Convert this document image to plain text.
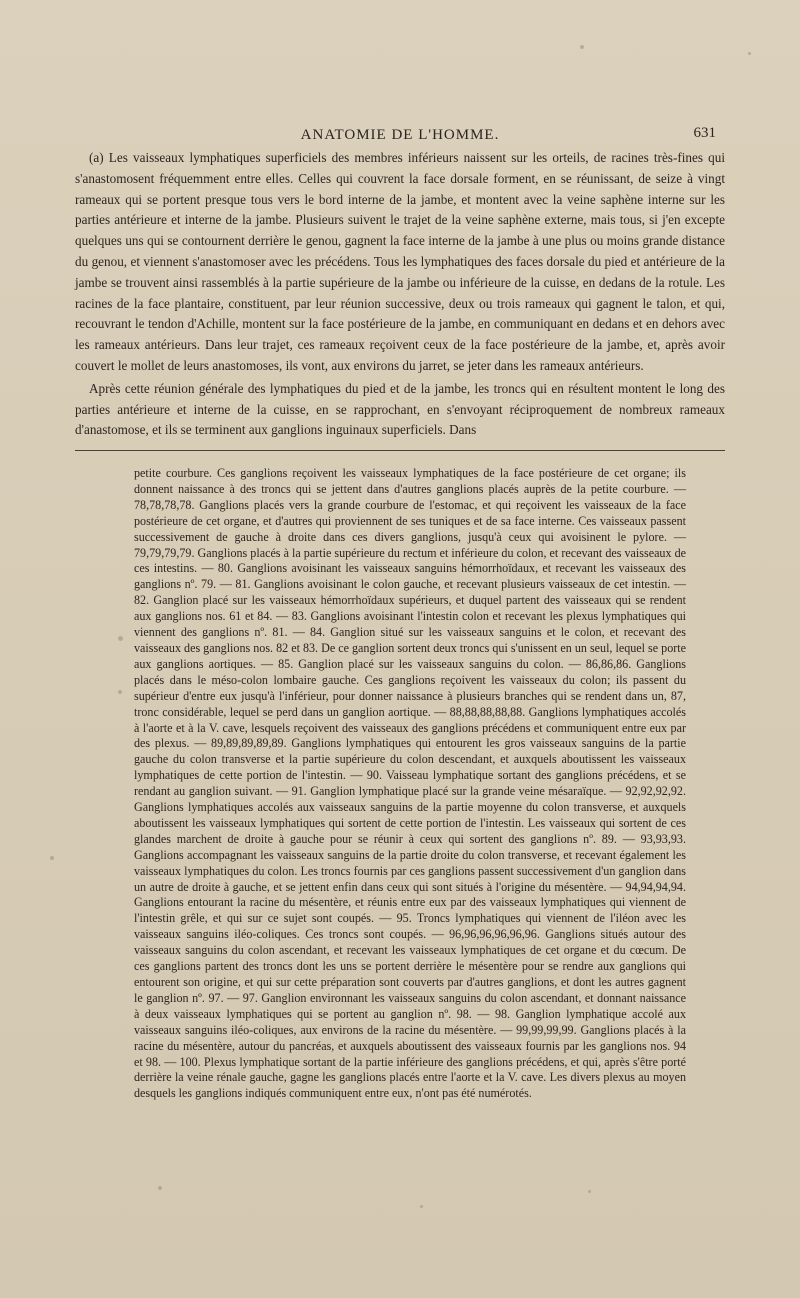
ANATOMIE DE L'HOMME.	631

(a) Les vaisseaux lymphatiques superficiels des membres inférieurs naissent sur les orteils, de racines très-fines qui s'anastomosent fréquemment entre elles. Celles qui couvrent la face dorsale forment, en se réunissant, de seize à vingt rameaux qui se portent presque tous vers le bord interne de la jambe, et montent avec la veine saphène interne sur les parties antérieure et interne de la jambe. Plusieurs suivent le trajet de la veine saphène externe, mais tous, si j'en excepte quelques uns qui se contournent derrière le genou, gagnent la face interne de la jambe à une plus ou moins grande distance du genou, et viennent s'anastomoser avec les précédens. Tous les lymphatiques des faces dorsale du pied et antérieure de la jambe se trouvent ainsi rassemblés à la partie supérieure de la jambe ou inférieure de la cuisse, en dedans de la rotule. Les racines de la face plantaire, constituent, par leur réunion successive, deux ou trois rameaux qui gagnent le talon, et qui, recouvrant le tendon d'Achille, montent sur la face postérieure de la jambe, en communiquant en dedans et en dehors avec les rameaux antérieurs. Dans leur trajet, ces rameaux reçoivent ceux de la face postérieure de la jambe, et, après avoir couvert le mollet de leurs anastomoses, ils vont, aux environs du jarret, se jeter dans les rameaux antérieurs.

Après cette réunion générale des lymphatiques du pied et de la jambe, les troncs qui en résultent montent le long des parties antérieure et interne de la cuisse, en se rapprochant, en s'envoyant réciproquement de nombreux rameaux d'anastomose, et ils se terminent aux ganglions inguinaux superficiels. Dans

petite courbure. Ces ganglions reçoivent les vaisseaux lymphatiques de la face postérieure de cet organe; ils donnent naissance à des troncs qui se jettent dans d'autres ganglions placés auprès de la petite courbure. — 78,78,78,78. Ganglions placés vers la grande courbure de l'estomac, et qui reçoivent les vaisseaux de la face postérieure de cet organe, et d'autres qui proviennent de ses tuniques et de sa face interne. Ces vaisseaux passent successivement de gauche à droite dans ces divers ganglions, jusqu'à ceux qui avoisinent le pylore. — 79,79,79,79. Ganglions placés à la partie supérieure du rectum et inférieure du colon, et recevant des vaisseaux de ces intestins. — 80. Ganglions avoisinant les vaisseaux sanguins hémorrhoïdaux, et recevant les vaisseaux des ganglions nº. 79. — 81. Ganglions avoisinant le colon gauche, et recevant plusieurs vaisseaux de cet intestin. — 82. Ganglion placé sur les vaisseaux hémorrhoïdaux supérieurs, et duquel partent des vaisseaux qui se rendent aux ganglions nos. 61 et 84. — 83. Ganglions avoisinant l'intestin colon et recevant les plexus lymphatiques qui viennent des ganglions nº. 81. — 84. Ganglion situé sur les vaisseaux sanguins et le colon, et recevant des vaisseaux des ganglions nos. 82 et 83. De ce ganglion sortent deux troncs qui s'unissent en un seul, lequel se porte aux ganglions aortiques. — 85. Ganglion placé sur les vaisseaux sanguins du colon. — 86,86,86. Ganglions placés dans le méso-colon lombaire gauche. Ces ganglions reçoivent les vaisseaux du colon; ils passent du supérieur d'entre eux jusqu'à l'inférieur, pour donner naissance à plusieurs branches qui se rendent dans un, 87, tronc considérable, lequel se perd dans un ganglion aortique. — 88,88,88,88,88. Ganglions lymphatiques accolés à l'aorte et à la V. cave, lesquels reçoivent des vaisseaux des ganglions précédens et communiquent entre eux par des plexus. — 89,89,89,89,89. Ganglions lymphatiques qui entourent les gros vaisseaux sanguins de la partie gauche du colon transverse et la partie supérieure du colon descendant, et auxquels aboutissent les vaisseaux lymphatiques de cette portion de l'intestin. — 90. Vaisseau lymphatique sortant des ganglions précédens, et se rendant au ganglion suivant. — 91. Ganglion lymphatique placé sur la grande veine mésaraïque. — 92,92,92,92. Ganglions lymphatiques accolés aux vaisseaux sanguins de la partie moyenne du colon transverse, et auxquels aboutissent les vaisseaux lymphatiques qui sortent de cette portion de l'intestin. Les vaisseaux qui sortent de ces glandes marchent de droite à gauche pour se réunir à ceux qui sortent des ganglions nº. 89. — 93,93,93. Ganglions accompagnant les vaisseaux sanguins de la partie droite du colon transverse, et recevant également les vaisseaux lymphatiques du colon. Les troncs fournis par ces ganglions passent successivement d'un ganglion dans un autre de droite à gauche, et se jettent enfin dans ceux qui sont situés à l'origine du mésentère. — 94,94,94,94. Ganglions entourant la racine du mésentère, et réunis entre eux par des vaisseaux lymphatiques qui viennent de l'intestin grêle, et qui sur ce sujet sont coupés. — 95. Troncs lymphatiques qui viennent de l'iléon avec les vaisseaux sanguins iléo-coliques. Ces troncs sont coupés. — 96,96,96,96,96,96. Ganglions situés autour des vaisseaux sanguins du colon ascendant, et recevant les vaisseaux lymphatiques de cet organe et du cœcum. De ces ganglions partent des troncs dont les uns se portent derrière le mésentère pour se rendre aux ganglions qui entourent son origine, et qui sur cette préparation sont couverts par d'autres ganglions, et dont les autres gagnent le ganglion nº. 97. — 97. Ganglion environnant les vaisseaux sanguins du colon ascendant, et donnant naissance à deux vaisseaux lymphatiques qui se portent au ganglion nº. 98. — 98. Ganglion lymphatique accolé aux vaisseaux sanguins iléo-coliques, aux environs de la racine du mésentère. — 99,99,99,99. Ganglions placés à la racine du mésentère, autour du pancréas, et auxquels aboutissent des vaisseaux fournis par les ganglions nos. 94 et 98. — 100. Plexus lymphatique sortant de la partie inférieure des ganglions précédens, et qui, après s'être porté derrière la veine rénale gauche, gagne les ganglions placés entre l'aorte et la V. cave. Les divers plexus au moyen desquels les ganglions indiqués communiquent entre eux, n'ont pas été numérotés.
